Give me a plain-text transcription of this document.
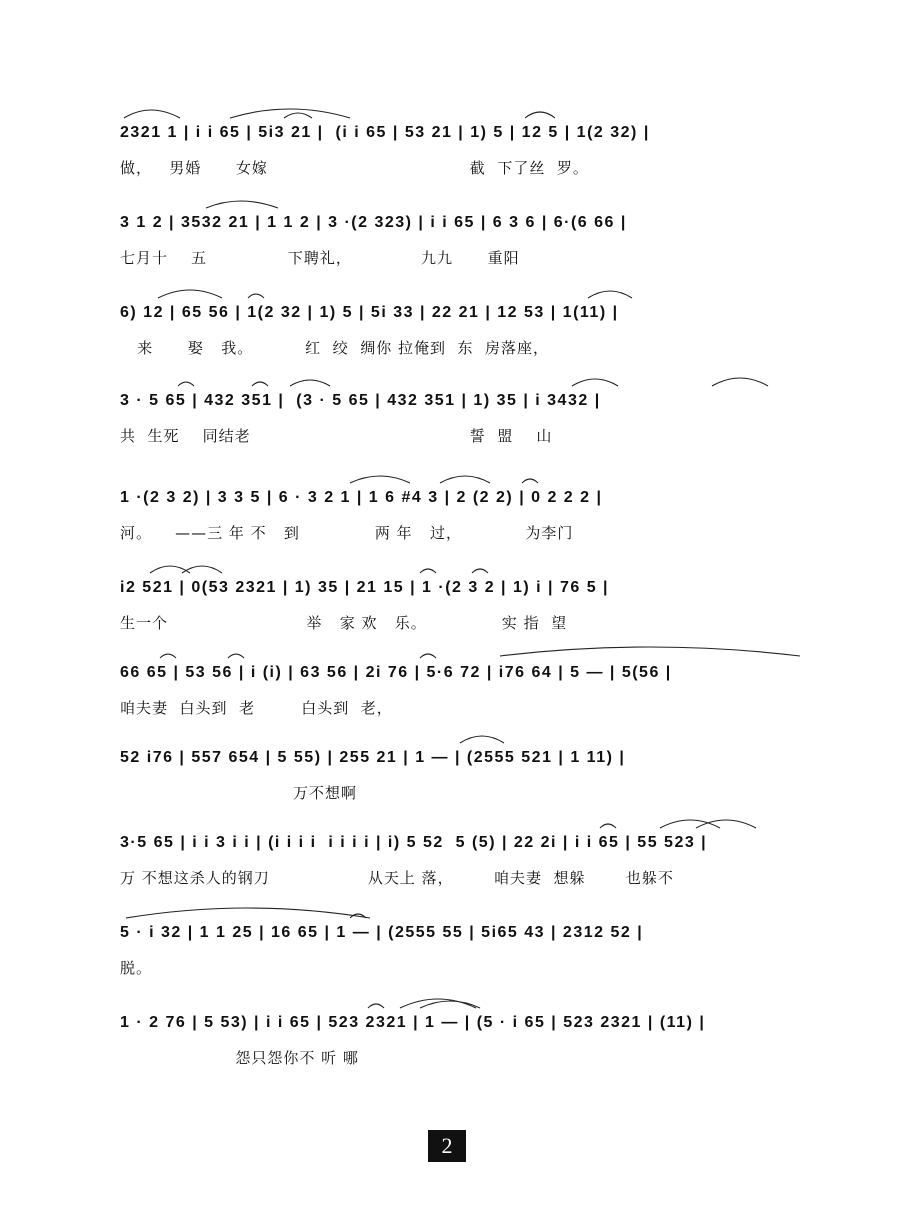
2321 1 | i i 65 | 5i3 21 |  (i i 65 | 53 21 | 1) 5 | 12 5 | 1(2 32) |
做，   男婚      女嫁                                   截  下了丝  罗。
3 1 2 | 3532 21 | 1 1 2 | 3 ·(2 323) | i i 65 | 6 3 6 | 6·(6 66 |
七月十    五              下聘礼，            九九      重阳
6) 12 | 65 56 | 1(2 32 | 1) 5 | 5i 33 | 22 21 | 12 53 | 1(11) |
来      娶   我。         红  绞  绸你 拉俺到  东  房落座，
3 · 5 65 | 432 351 |  (3 · 5 65 | 432 351 | 1) 35 | i 3432 |
共  生死    同结老                                      誓  盟    山
1 ·(2 3 2) | 3 3 5 | 6 · 3 2 1 | 1 6 #4 3 | 2 (2 2) | 0 2 2 2 |
河。    ——三 年 不   到             两 年   过，           为李门
i2 521 | 0(53 2321 | 1) 35 | 21 15 | 1 ·(2 3 2 | 1) i | 76 5 |
生一个                        举   家 欢   乐。             实 指  望
66 65 | 53 56 | i (i) | 63 56 | 2i 76 | 5·6 72 | i76 64 | 5 — | 5(56 |
咱夫妻  白头到  老        白头到  老，
52 i76 | 557 654 | 5 55) | 255 21 | 1 — | (2555 521 | 1 11) |
万不想啊
3·5 65 | i i 3 i i | (i i i i  i i i i | i) 5 52  5 (5) | 22 2i | i i 65 | 55 523 |
万 不想这杀人的钢刀                 从天上 落，       咱夫妻  想躲       也躲不
5 · i 32 | 1 1 25 | 16 65 | 1 — | (2555 55 | 5i65 43 | 2312 52 |
脱。
1 · 2 76 | 5 53) | i i 65 | 523 2321 | 1 — | (5 · i 65 | 523 2321 | (11) |
怨只怨你不 听 哪
2
